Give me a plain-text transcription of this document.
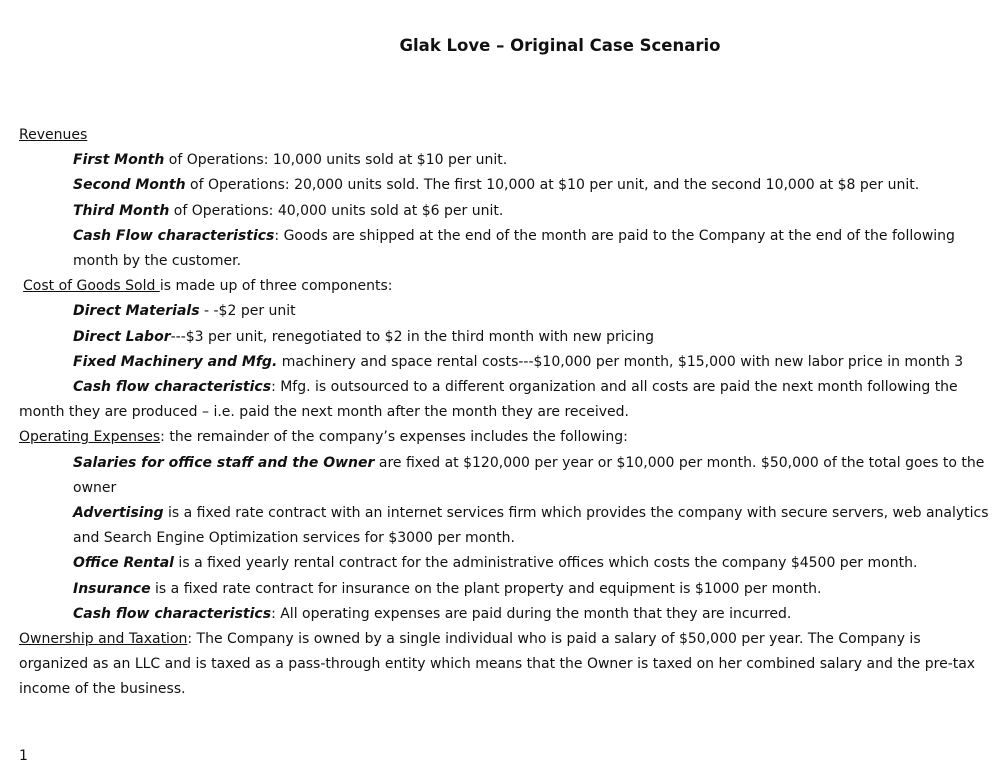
Glak Love – Original Case Scenario
Revenues
First Month of Operations: 10,000 units sold at $10 per unit.
Second Month of Operations: 20,000 units sold. The first 10,000 at $10 per unit, and the second 10,000 at $8 per unit.
Third Month of Operations: 40,000 units sold at $6 per unit.
Cash Flow characteristics: Goods are shipped at the end of the month are paid to the Company at the end of the following month by the customer.
Cost of Goods Sold is made up of three components:
Direct Materials - -$2 per unit
Direct Labor---$3 per unit, renegotiated to $2 in the third month with new pricing
Fixed Machinery and Mfg. machinery and space rental costs---$10,000 per month, $15,000 with new labor price in month 3
Cash flow characteristics: Mfg. is outsourced to a different organization and all costs are paid the next month following the
month they are produced – i.e. paid the next month after the month they are received.
Operating Expenses: the remainder of the company’s expenses includes the following:
Salaries for office staff and the Owner are fixed at $120,000 per year or $10,000 per month. $50,000 of the total goes to the owner
Advertising is a fixed rate contract with an internet services firm which provides the company with secure servers, web analytics and Search Engine Optimization services for $3000 per month.
Office Rental is a fixed yearly rental contract for the administrative offices which costs the company $4500 per month.
Insurance is a fixed rate contract for insurance on the plant property and equipment is $1000 per month.
Cash flow characteristics: All operating expenses are paid during the month that they are incurred.
Ownership and Taxation: The Company is owned by a single individual who is paid a salary of $50,000 per year. The Company is organized as an LLC and is taxed as a pass-through entity which means that the Owner is taxed on her combined salary and the pre-tax income of the business.
1
